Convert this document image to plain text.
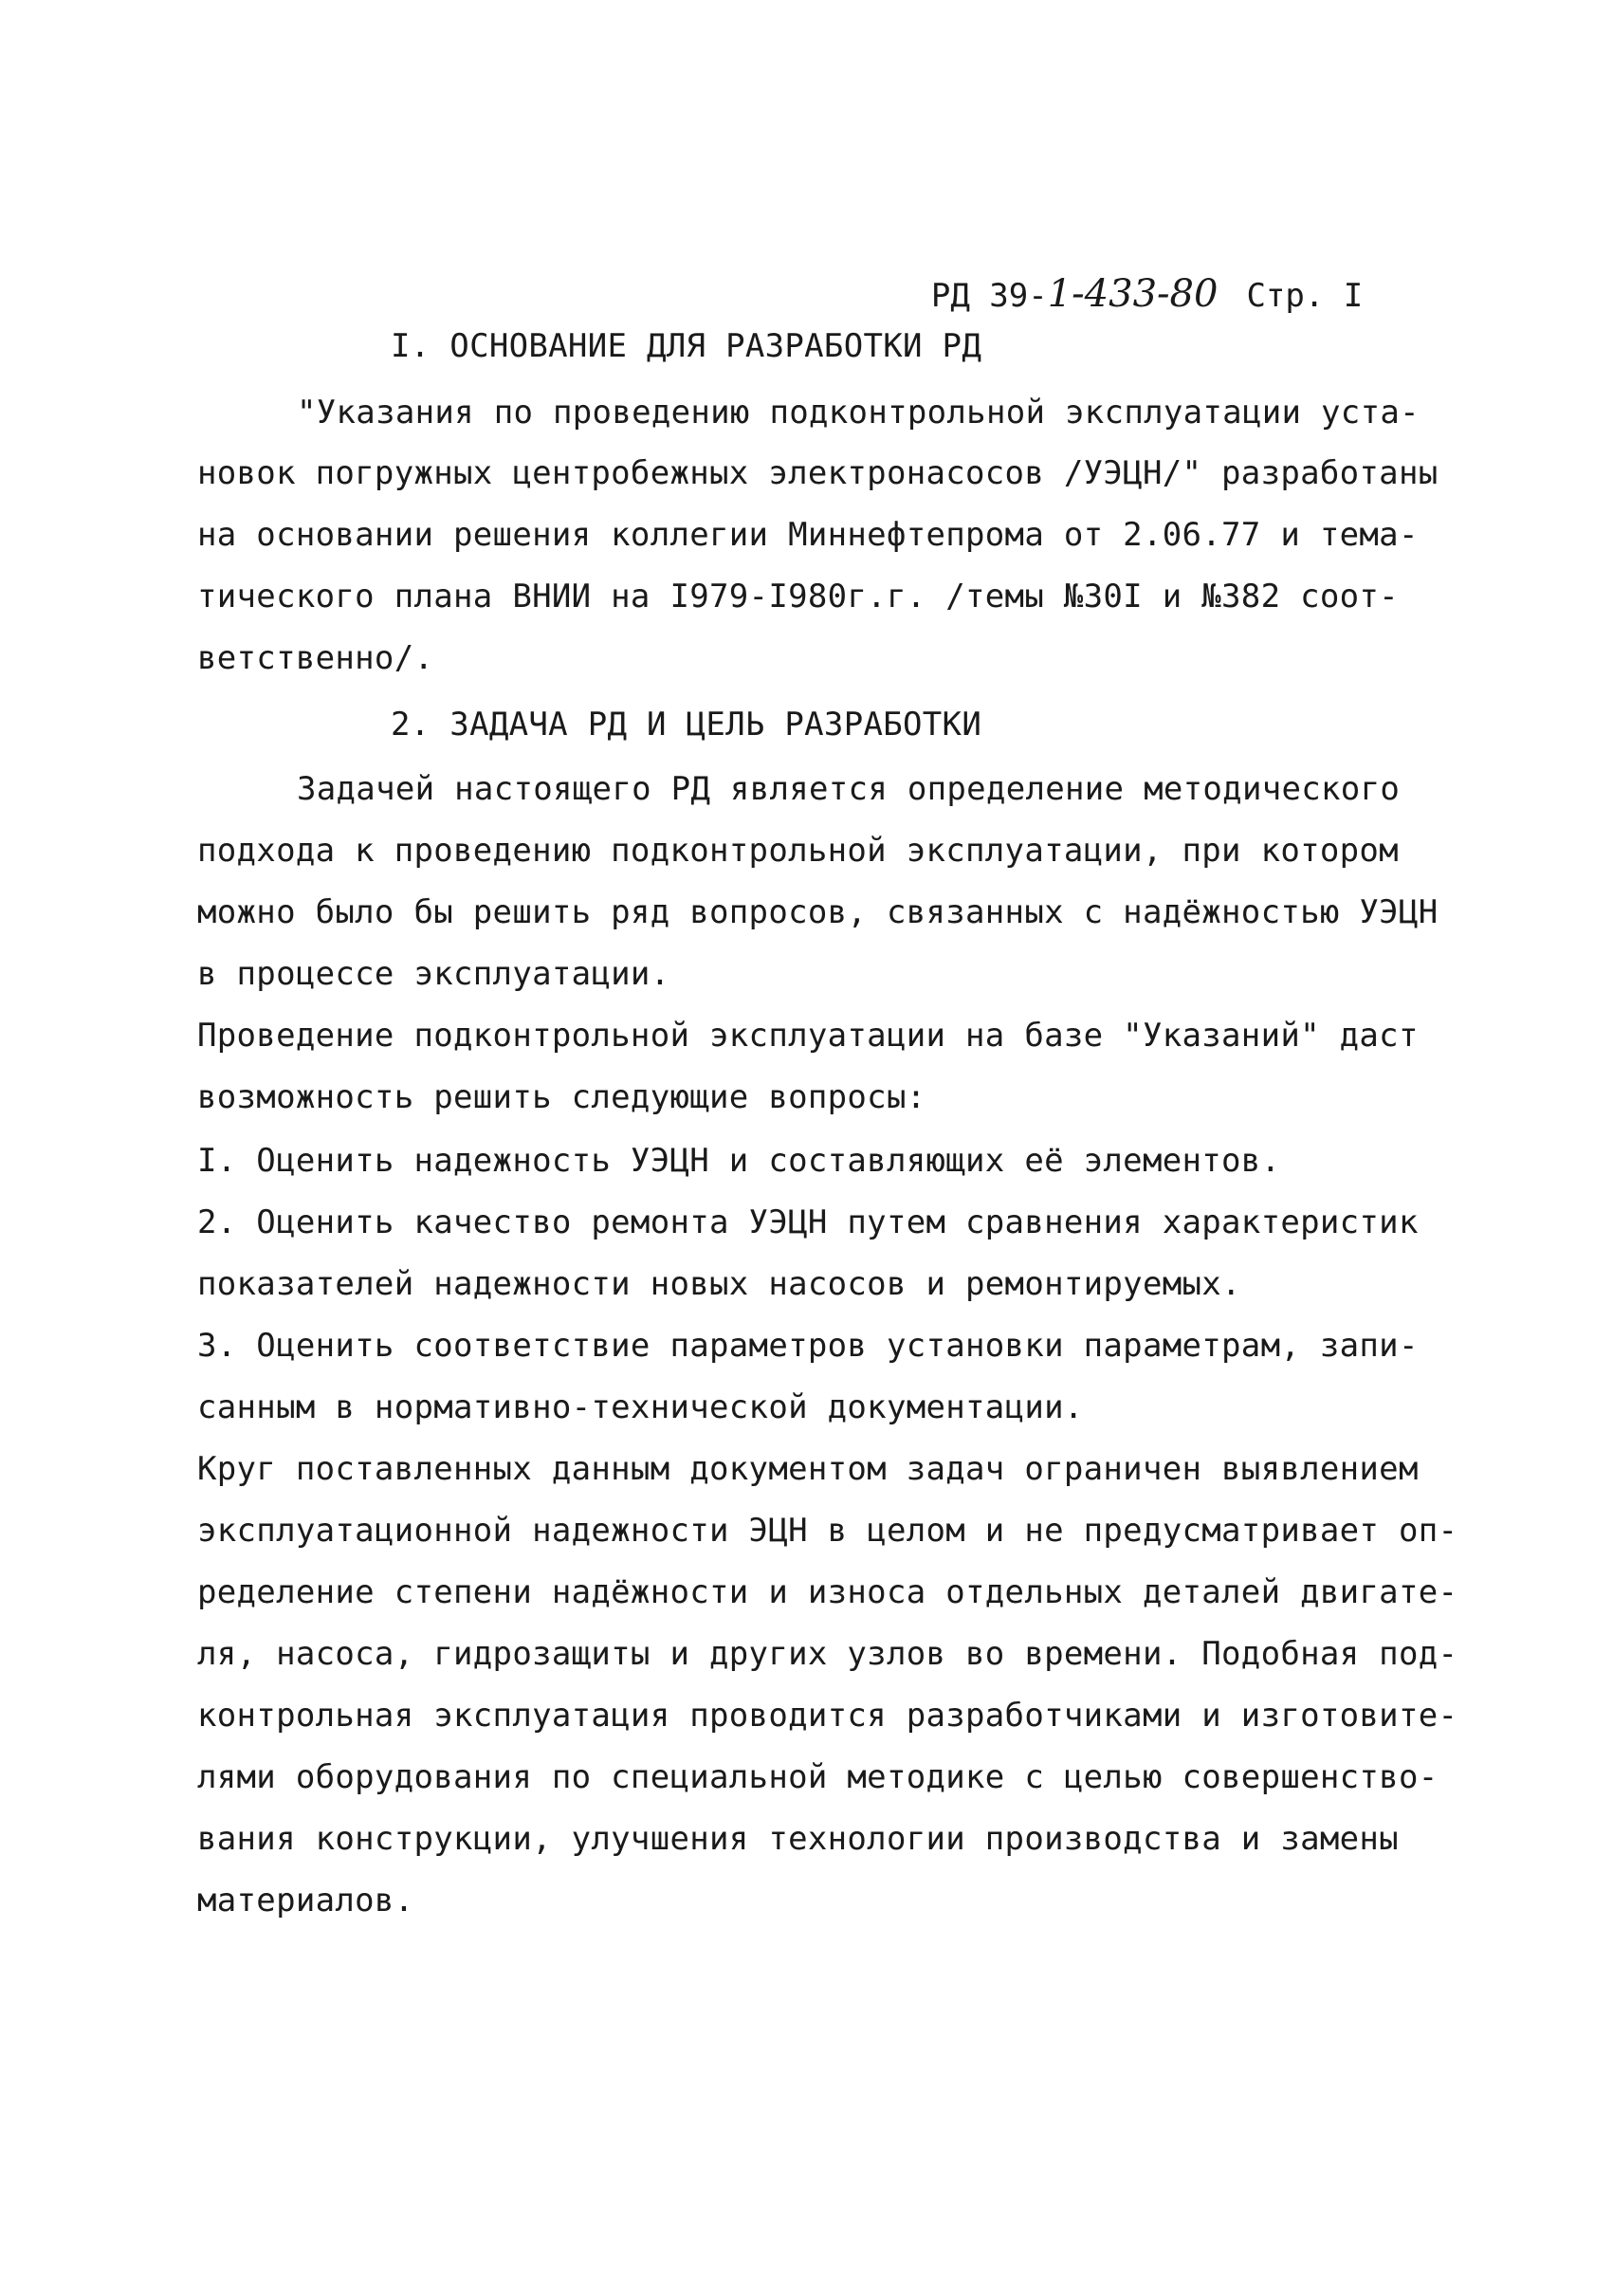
РД 39-1-433-80 Стр. I

I. ОСНОВАНИЕ ДЛЯ РАЗРАБОТКИ РД
"Указания по проведению подконтрольной эксплуатации уста-
новок погружных центробежных электронасосов /УЭЦН/" разработаны
на основании решения коллегии Миннефтепрома от 2.06.77 и тема-
тического плана ВНИИ на I979-I980г.г. /темы №30I и №382 соот-
ветственно/.
2. ЗАДАЧА РД И ЦЕЛЬ РАЗРАБОТКИ
Задачей настоящего РД является определение методического
подхода к проведению подконтрольной эксплуатации, при котором
можно было бы решить ряд вопросов, связанных с надёжностью УЭЦН
в процессе эксплуатации.
Проведение подконтрольной эксплуатации на базе "Указаний" даст
возможность решить следующие вопросы:
I. Оценить надежность УЭЦН и составляющих её элементов.
2. Оценить качество ремонта УЭЦН путем сравнения характеристик
показателей надежности новых насосов и ремонтируемых.
3. Оценить соответствие параметров установки параметрам, запи-
санным в нормативно-технической документации.
Круг поставленных данным документом задач ограничен выявлением
эксплуатационной надежности ЭЦН в целом и не предусматривает оп-
ределение степени надёжности и износа отдельных деталей двигате-
ля, насоса, гидрозащиты и других узлов во времени. Подобная под-
контрольная эксплуатация проводится разработчиками и изготовите-
лями оборудования по специальной методике с целью совершенство-
вания конструкции, улучшения технологии производства и замены
материалов.
